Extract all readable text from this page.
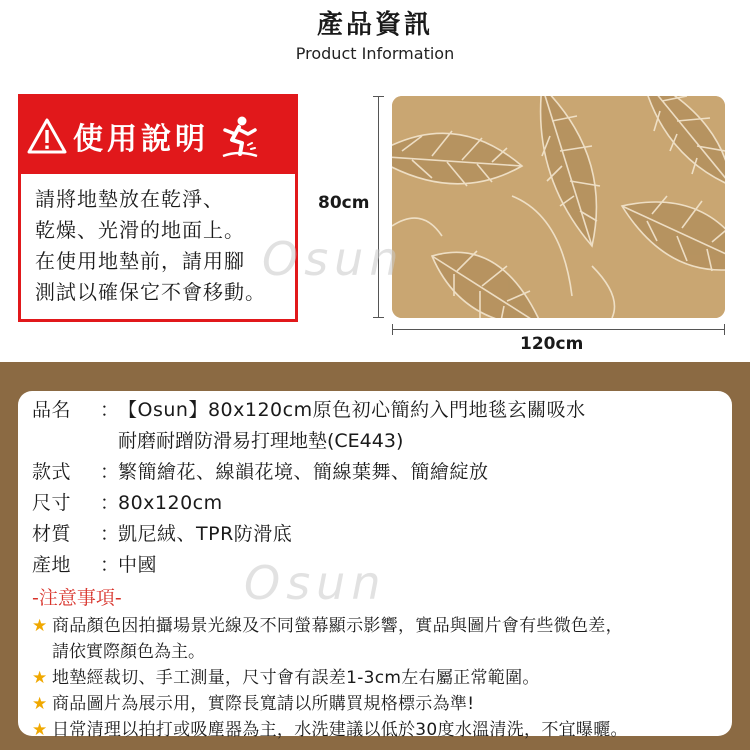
產品資訊
Product Information
使用說明
請將地墊放在乾淨、
乾燥、光滑的地面上。
在使用地墊前，請用腳
測試以確保它不會移動。
80cm
120cm
Osun
品名	：
【Osun】80x120cm原色初心簡約入門地毯玄關吸水
耐磨耐蹭防滑易打理地墊(CE443)
款式	：
繁簡繪花、線韻花境、簡線葉舞、簡繪綻放
尺寸	：
80x120cm
材質	：
凱尼絨、TPR防滑底
產地	：
中國
-注意事項-
★ 商品顏色因拍攝場景光線及不同螢幕顯示影響，實品與圖片會有些微色差，
請依實際顏色為主。
★ 地墊經裁切、手工測量，尺寸會有誤差1-3cm左右屬正常範圍。
★ 商品圖片為展示用，實際長寬請以所購買規格標示為準!
★ 日常清理以拍打或吸塵器為主，水洗建議以低於30度水溫清洗，不宜曝曬。
Osun
